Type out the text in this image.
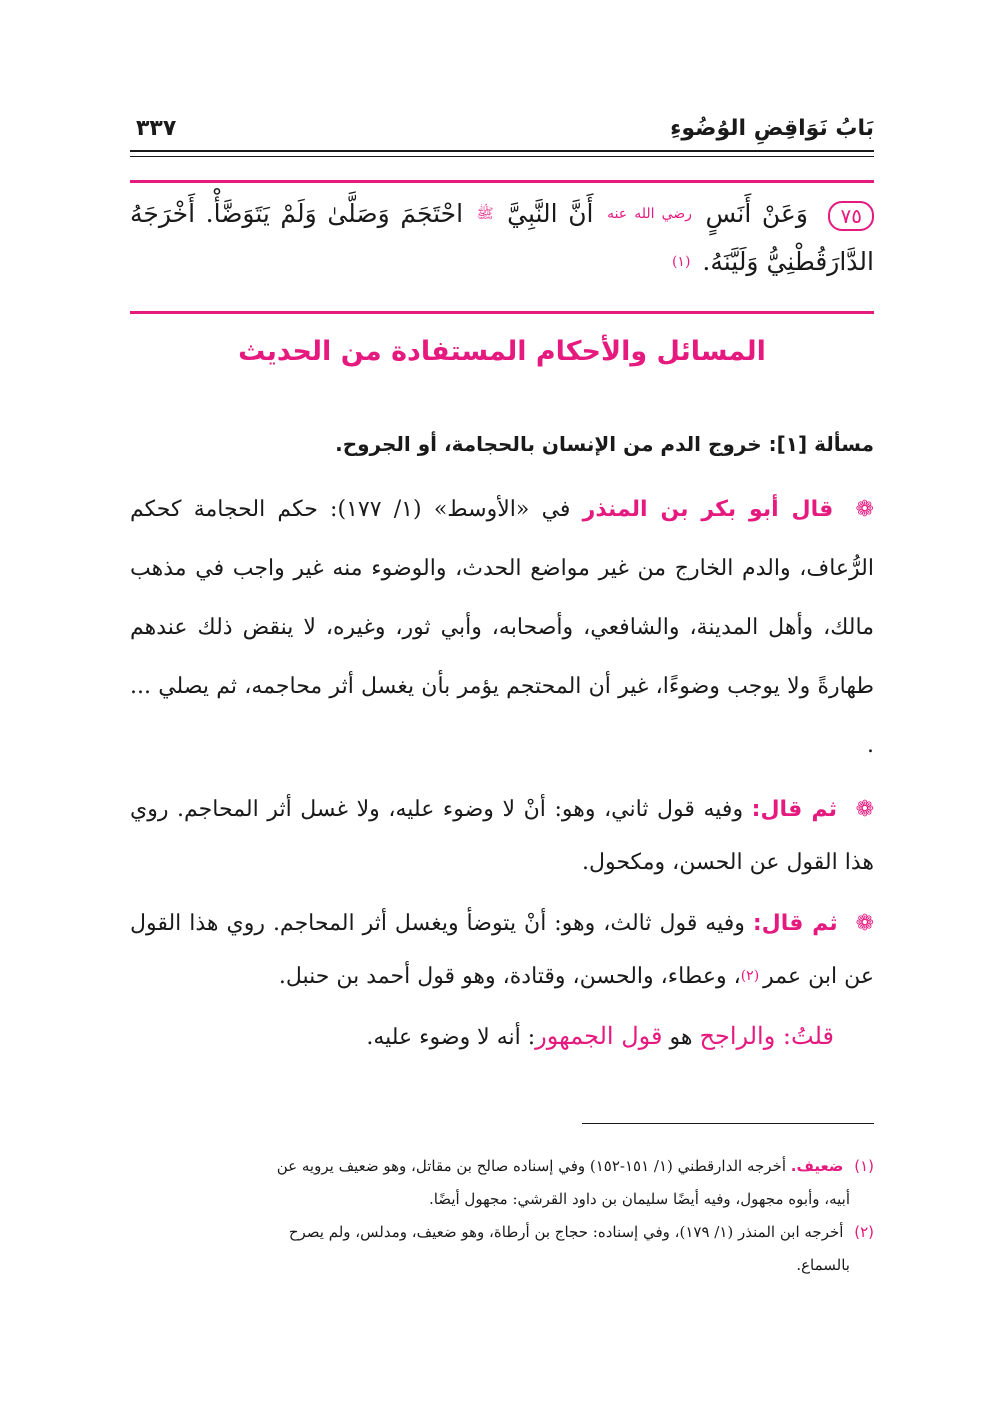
بَابُ نَوَاقِضِ الوُضُوءِ
٣٣٧
٧٥ وَعَنْ أَنَسٍ $^{رضي الله عنه}$ أَنَّ النَّبِيَّ $^ﷺ$ احْتَجَمَ وَصَلَّىٰ وَلَمْ يَتَوَضَّأْ. أَخْرَجَهُ الدَّارَقُطْنِيُّ وَلَيَّنَهُ. $^{(١)}$
المسائل والأحكام المستفادة من الحديث
مسألة [١]: خروج الدم من الإنسان بالحجامة، أو الجروح.

❁ قال أبو بكر بن المنذر في «الأوسط» (١/ ١٧٧): حكم الحجامة كحكم الرُّعاف، والدم الخارج من غير مواضع الحدث، والوضوء منه غير واجب في مذهب مالك، وأهل المدينة، والشافعي، وأصحابه، وأبي ثور، وغيره، لا ينقض ذلك عندهم طهارةً ولا يوجب وضوءًا، غير أن المحتجم يؤمر بأن يغسل أثر محاجمه، ثم يصلي ... .

❁ ثم قال: وفيه قول ثاني، وهو: أنْ لا وضوء عليه، ولا غسل أثر المحاجم. روي هذا القول عن الحسن، ومكحول.

❁ ثم قال: وفيه قول ثالث، وهو: أنْ يتوضأ ويغسل أثر المحاجم. روي هذا القول عن ابن عمر$^{(٢)}$، وعطاء، والحسن، وقتادة، وهو قول أحمد بن حنبل.

قلتُ: والراجح هو قول الجمهور: أنه لا وضوء عليه.

(١) ضعيف. أخرجه الدارقطني (١/ ١٥١-١٥٢) وفي إسناده صالح بن مقاتل، وهو ضعيف يرويه عن

أبيه، وأبوه مجهول، وفيه أيضًا سليمان بن داود القرشي: مجهول أيضًا.

(٢) أخرجه ابن المنذر (١/ ١٧٩)، وفي إسناده: حجاج بن أرطاة، وهو ضعيف، ومدلس، ولم يصرح

بالسماع.
